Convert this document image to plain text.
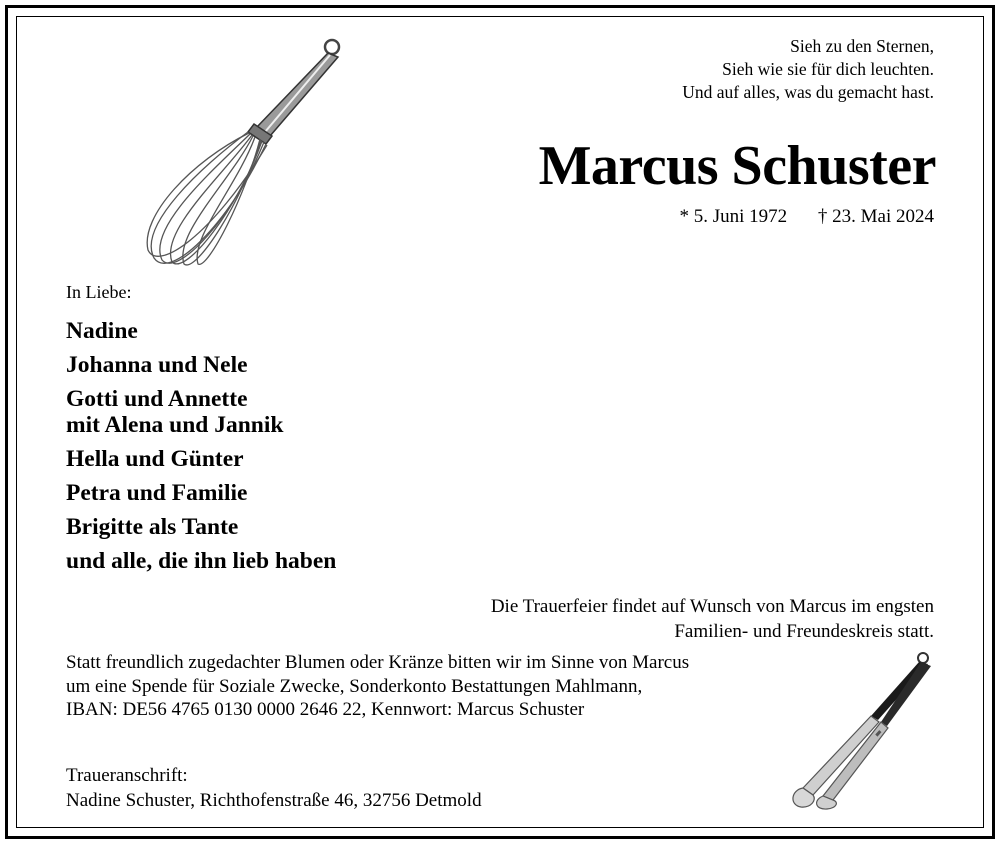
Sieh zu den Sternen,
Sieh wie sie für dich leuchten.
Und auf alles, was du gemacht hast.
Marcus Schuster
* 5. Juni 1972 † 23. Mai 2024
In Liebe:
Nadine
Johanna und Nele
Gotti und Annette
mit Alena und Jannik
Hella und Günter
Petra und Familie
Brigitte als Tante
und alle, die ihn lieb haben
Die Trauerfeier findet auf Wunsch von Marcus im engsten
Familien- und Freundeskreis statt.
Statt freundlich zugedachter Blumen oder Kränze bitten wir im Sinne von Marcus
um eine Spende für Soziale Zwecke, Sonderkonto Bestattungen Mahlmann,
IBAN: DE56 4765 0130 0000 2646 22, Kennwort: Marcus Schuster
Traueranschrift:
Nadine Schuster, Richthofenstraße 46, 32756 Detmold
